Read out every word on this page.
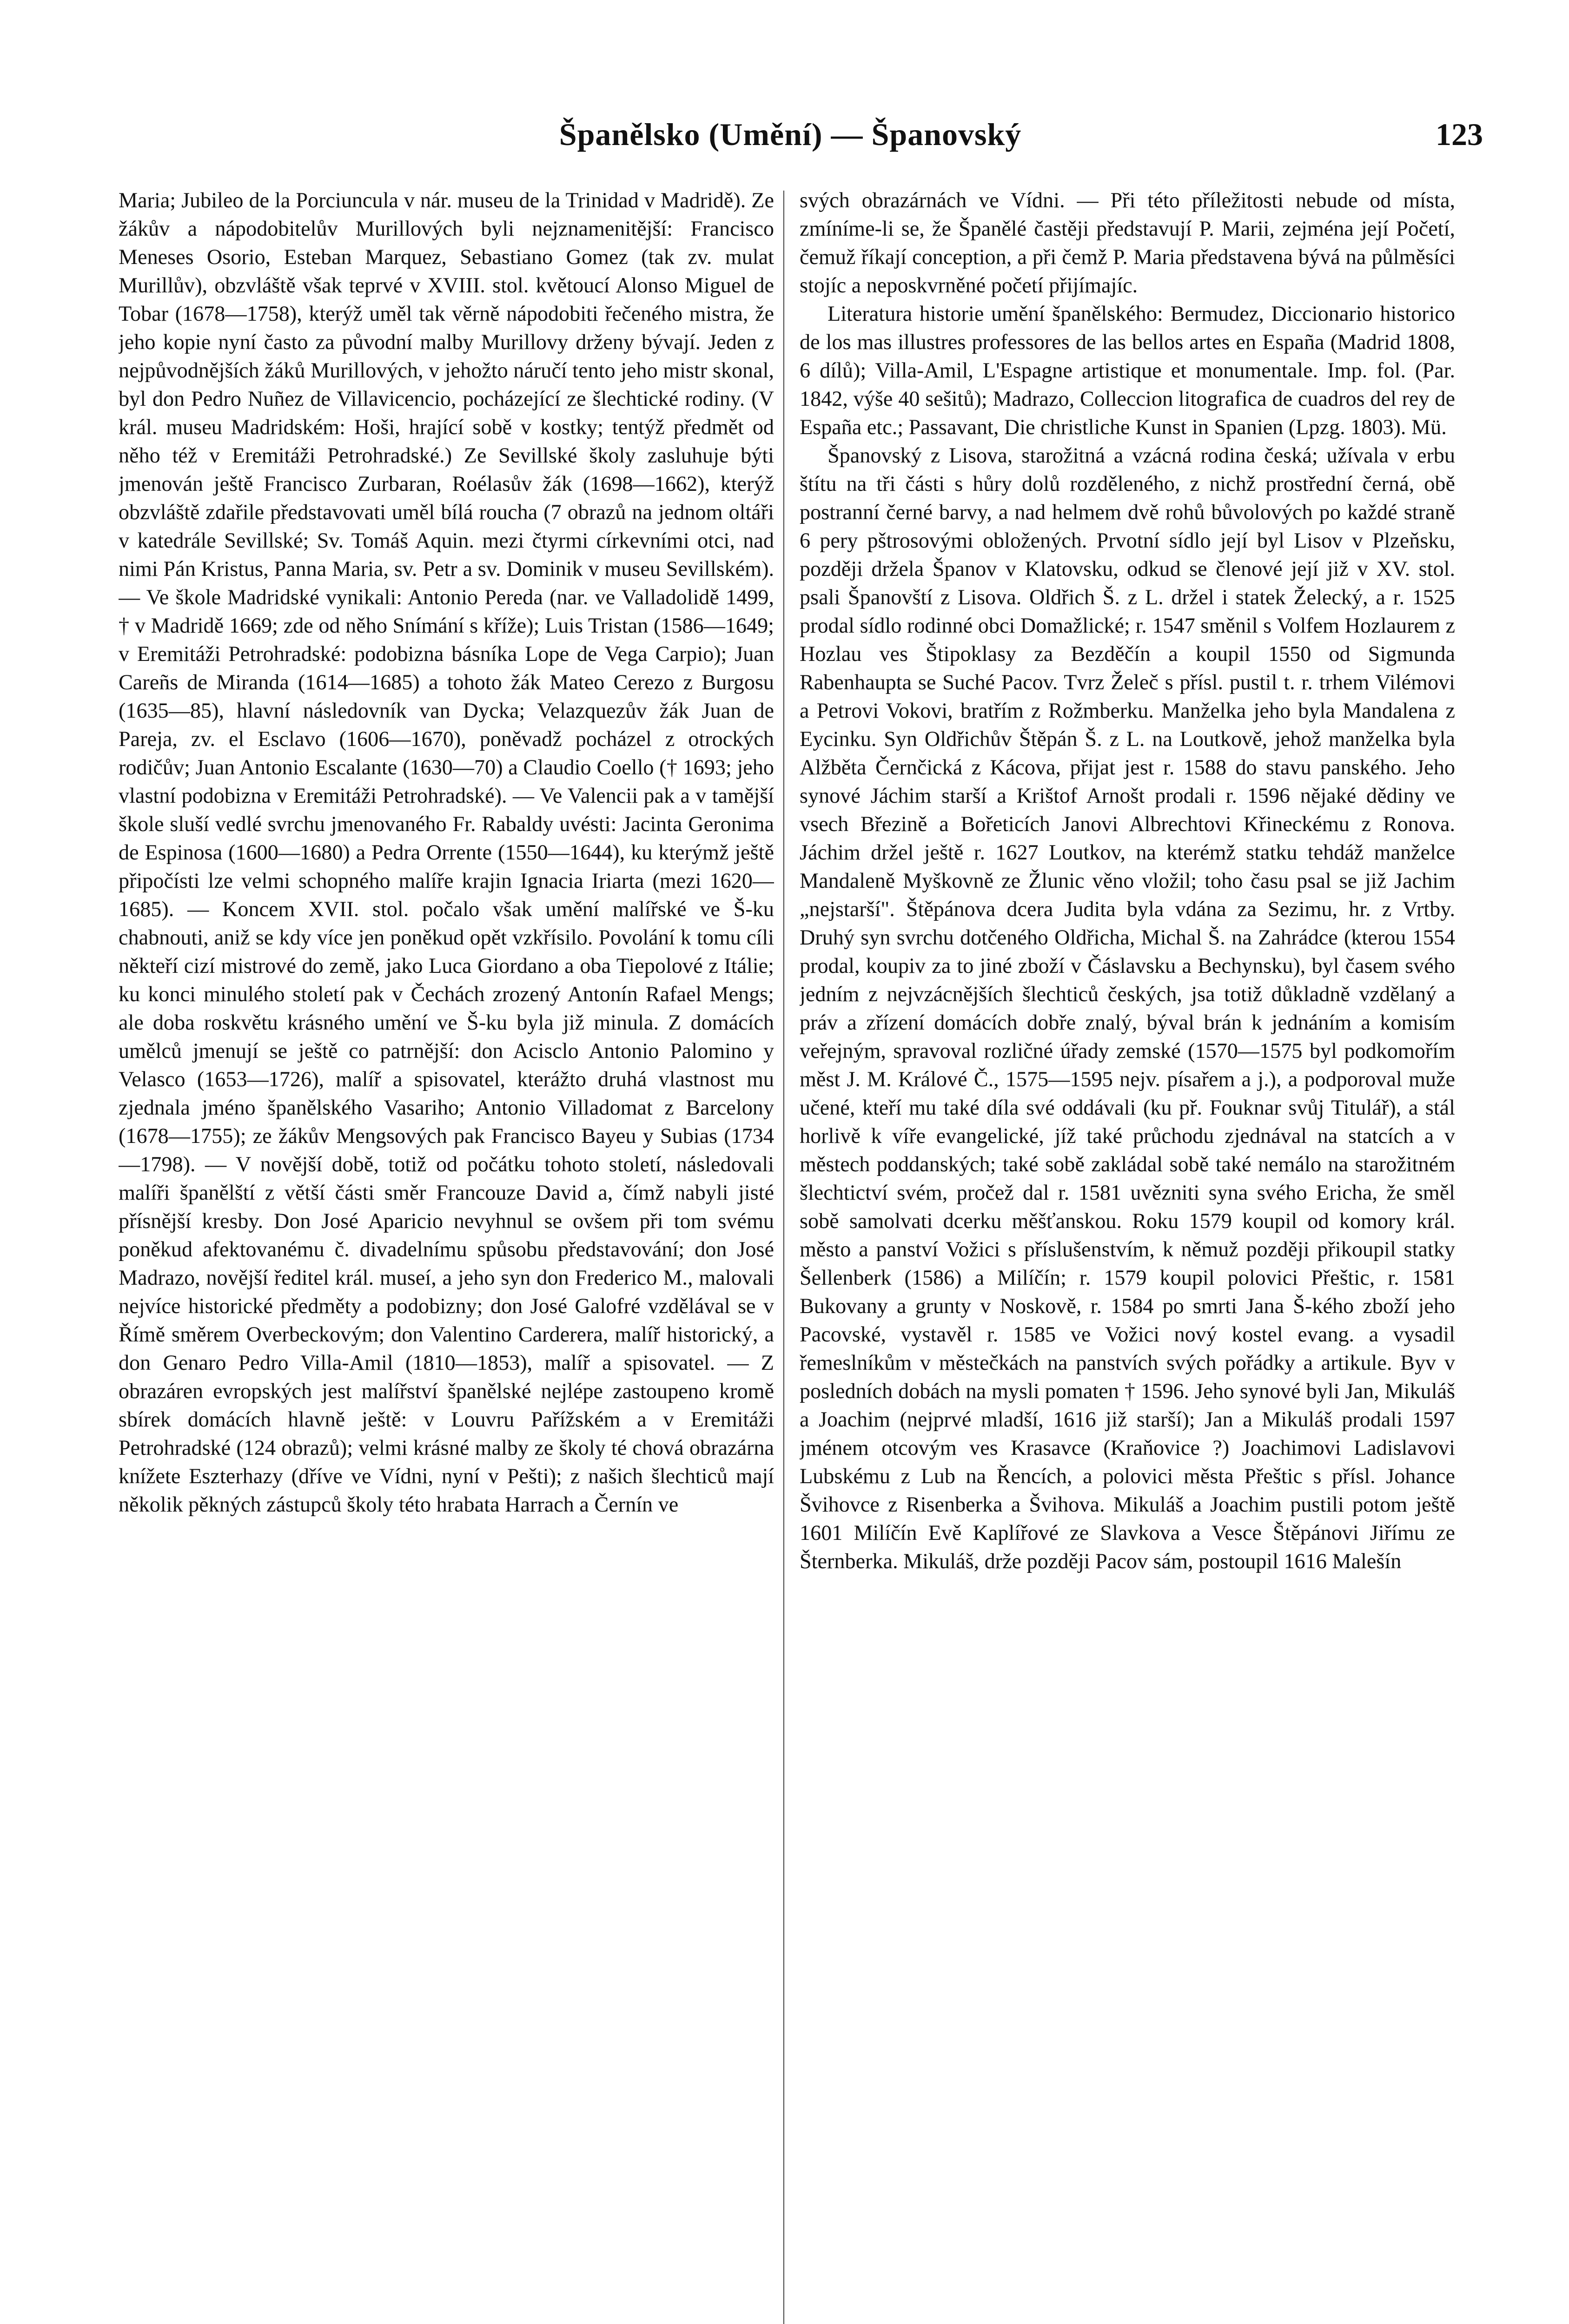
Španělsko (Umění) — Španovský	123

Maria; Jubileo de la Porciuncula v nár. museu de la Trinidad v Madridě). Ze žákův a nápodobitelův Murillových byli nejznamenitější: Francisco Meneses Osorio, Esteban Marquez, Sebastiano Gomez (tak zv. mulat Murillův), obzvláště však teprvé v XVIII. stol. květoucí Alonso Miguel de Tobar (1678—1758), kterýž uměl tak věrně nápodobiti řečeného mistra, že jeho kopie nyní často za původní malby Murillovy drženy bývají. Jeden z nejpůvodnějších žáků Murillových, v jehožto náručí tento jeho mistr skonal, byl don Pedro Nuñez de Villavicencio, pocházející ze šlechtické rodiny. (V král. museu Madridském: Hoši, hrající sobě v kostky; tentýž předmět od něho též v Eremitáži Petrohradské.) Ze Sevillské školy zasluhuje býti jmenován ještě Francisco Zurbaran, Roélasův žák (1698—1662), kterýž obzvláště zdařile představovati uměl bílá roucha (7 obrazů na jednom oltáři v katedrále Sevillské; Sv. Tomáš Aquin. mezi čtyrmi církevními otci, nad nimi Pán Kristus, Panna Maria, sv. Petr a sv. Dominik v museu Sevillském). — Ve škole Madridské vynikali: Antonio Pereda (nar. ve Valladolidě 1499, † v Madridě 1669; zde od něho Snímání s kříže); Luis Tristan (1586—1649; v Eremitáži Petrohradské: podobizna básníka Lope de Vega Carpio); Juan Careñs de Miranda (1614—1685) a tohoto žák Mateo Cerezo z Burgosu (1635—85), hlavní následovník van Dycka; Velazquezův žák Juan de Pareja, zv. el Esclavo (1606—1670), poněvadž pocházel z otrockých rodičův; Juan Antonio Escalante (1630—70) a Claudio Coello († 1693; jeho vlastní podobizna v Eremitáži Petrohradské). — Ve Valencii pak a v tamější škole sluší vedlé svrchu jmenovaného Fr. Rabaldy uvésti: Jacinta Geronima de Espinosa (1600—1680) a Pedra Orrente (1550—1644), ku kterýmž ještě připočísti lze velmi schopného malíře krajin Ignacia Iriarta (mezi 1620—1685). — Koncem XVII. stol. počalo však umění malířské ve Š-ku chabnouti, aniž se kdy více jen poněkud opět vzkřísilo. Povolání k tomu cíli někteří cizí mistrové do země, jako Luca Giordano a oba Tiepolové z Itálie; ku konci minulého století pak v Čechách zrozený Antonín Rafael Mengs; ale doba roskvětu krásného umění ve Š-ku byla již minula. Z domácích umělců jmenují se ještě co patrnější: don Acisclo Antonio Palomino y Velasco (1653—1726), malíř a spisovatel, kterážto druhá vlastnost mu zjednala jméno španělského Vasariho; Antonio Villadomat z Barcelony (1678—1755); ze žákův Mengsových pak Francisco Bayeu y Subias (1734—1798). — V novější době, totiž od počátku tohoto století, následovali malíři španělští z větší části směr Francouze David a, čímž nabyli jisté přísnější kresby. Don José Aparicio nevyhnul se ovšem při tom svému poněkud afektovanému č. divadelnímu spůsobu představování; don José Madrazo, novější ředitel král. museí, a jeho syn don Frederico M., malovali nejvíce historické předměty a podobizny; don José Galofré vzdělával se v Římě směrem Overbeckovým; don Valentino Carderera, malíř historický, a don Genaro Pedro Villa-Amil (1810—1853), malíř a spisovatel. — Z obrazáren evropských jest malířství španělské nejlépe zastoupeno kromě sbírek domácích hlavně ještě: v Louvru Pařížském a v Eremitáži Petrohradské (124 obrazů); velmi krásné malby ze školy té chová obrazárna knížete Eszterhazy (dříve ve Vídni, nyní v Pešti); z našich šlechticů mají několik pěkných zástupců školy této hrabata Harrach a Černín ve

svých obrazárnách ve Vídni. — Při této příležitosti nebude od místa, zmíníme-li se, že Španělé častěji představují P. Marii, zejména její Početí, čemuž říkají conception, a při čemž P. Maria představena bývá na půlměsíci stojíc a neposkvrněné početí přijímajíc.

Literatura historie umění španělského: Bermudez, Diccionario historico de los mas illustres professores de las bellos artes en España (Madrid 1808, 6 dílů); Villa-Amil, L'Espagne artistique et monumentale. Imp. fol. (Par. 1842, výše 40 sešitů); Madrazo, Colleccion litografica de cuadros del rey de España etc.; Passavant, Die christliche Kunst in Spanien (Lpzg. 1803). Mü.

Španovský z Lisova, starožitná a vzácná rodina česká; užívala v erbu štítu na tři části s hůry dolů rozděleného, z nichž prostřední černá, obě postranní černé barvy, a nad helmem dvě rohů bůvolových po každé straně 6 pery pštrosovými obložených. Prvotní sídlo její byl Lisov v Plzeňsku, později držela Španov v Klatovsku, odkud se členové její již v XV. stol. psali Španovští z Lisova. Oldřich Š. z L. držel i statek Želecký, a r. 1525 prodal sídlo rodinné obci Domažlické; r. 1547 směnil s Volfem Hozlaurem z Hozlau ves Štipoklasy za Bezděčín a koupil 1550 od Sigmunda Rabenhaupta se Suché Pacov. Tvrz Želeč s přísl. pustil t. r. trhem Vilémovi a Petrovi Vokovi, bratřím z Rožmberku. Manželka jeho byla Mandalena z Eycinku. Syn Oldřichův Štěpán Š. z L. na Loutkově, jehož manželka byla Alžběta Černčická z Kácova, přijat jest r. 1588 do stavu panského. Jeho synové Jáchim starší a Krištof Arnošt prodali r. 1596 nějaké dědiny ve vsech Březině a Bořeticích Janovi Albrechtovi Křineckému z Ronova. Jáchim držel ještě r. 1627 Loutkov, na kterémž statku tehdáž manželce Mandaleně Myškovně ze Žlunic věno vložil; toho času psal se již Jachim „nejstarší". Štěpánova dcera Judita byla vdána za Sezimu, hr. z Vrtby. Druhý syn svrchu dotčeného Oldřicha, Michal Š. na Zahrádce (kterou 1554 prodal, koupiv za to jiné zboží v Čáslavsku a Bechynsku), byl časem svého jedním z nejvzácnějších šlechticů českých, jsa totiž důkladně vzdělaný a práv a zřízení domácích dobře znalý, býval brán k jednáním a komisím veřejným, spravoval rozličné úřady zemské (1570—1575 byl podkomořím měst J. M. Králové Č., 1575—1595 nejv. písařem a j.), a podporoval muže učené, kteří mu také díla své oddávali (ku př. Fouknar svůj Titulář), a stál horlivě k víře evangelické, jíž také průchodu zjednával na statcích a v městech poddanských; také sobě zakládal sobě také nemálo na starožitném šlechtictví svém, pročež dal r. 1581 uvězniti syna svého Ericha, že směl sobě samolvati dcerku měšťanskou. Roku 1579 koupil od komory král. město a panství Vožici s příslušenstvím, k němuž později přikoupil statky Šellenberk (1586) a Milíčín; r. 1579 koupil polovici Přeštic, r. 1581 Bukovany a grunty v Noskově, r. 1584 po smrti Jana Š-kého zboží jeho Pacovské, vystavěl r. 1585 ve Vožici nový kostel evang. a vysadil řemeslníkům v městečkách na panstvích svých pořádky a artikule. Byv v posledních dobách na mysli pomaten † 1596. Jeho synové byli Jan, Mikuláš a Joachim (nejprvé mladší, 1616 již starší); Jan a Mikuláš prodali 1597 jménem otcovým ves Krasavce (Kraňovice ?) Joachimovi Ladislavovi Lubskému z Lub na Řencích, a polovici města Přeštic s přísl. Johance Švihovce z Risenberka a Švihova. Mikuláš a Joachim pustili potom ještě 1601 Milíčín Evě Kaplířové ze Slavkova a Vesce Štěpánovi Jiřímu ze Šternberka. Mikuláš, drže později Pacov sám, postoupil 1616 Malešín
